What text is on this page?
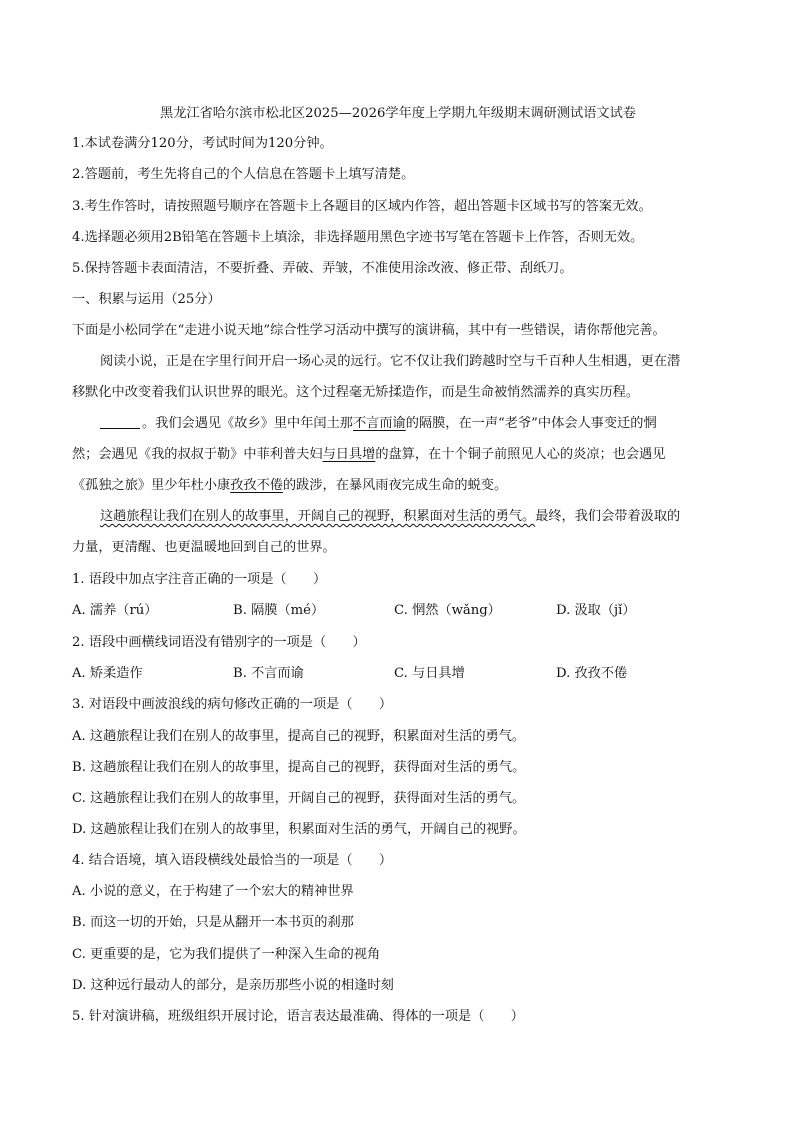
黑龙江省哈尔滨市松北区2025—2026学年度上学期九年级期末调研测试语文试卷
1.本试卷满分120分，考试时间为120分钟。
2.答题前，考生先将自己的个人信息在答题卡上填写清楚。
3.考生作答时，请按照题号顺序在答题卡上各题目的区域内作答，超出答题卡区域书写的答案无效。
4.选择题必须用2B铅笔在答题卡上填涂，非选择题用黑色字迹书写笔在答题卡上作答，否则无效。
5.保持答题卡表面清洁，不要折叠、弄破、弄皱，不准使用涂改液、修正带、刮纸刀。
一、积累与运用（25分）
下面是小松同学在“走进小说天地”综合性学习活动中撰写的演讲稿，其中有一些错误，请你帮他完善。
阅读小说，正是在字里行间开启一场心灵的远行。它不仅让我们跨越时空与千百种人生相遇，更在潜
移默化中改变着我们认识世界的眼光。这个过程毫无矫揉造作，而是生命被悄然濡养的真实历程。
。我们会遇见《故乡》里中年闰土那不言而谕的隔膜，在一声“老爷”中体会人事变迁的惘
然；会遇见《我的叔叔于勒》中菲利普夫妇与日具增的盘算，在十个铜子前照见人心的炎凉；也会遇见
《孤独之旅》里少年杜小康孜孜不倦的跋涉，在暴风雨夜完成生命的蜕变。
这趟旅程让我们在别人的故事里，开阔自己的视野，积累面对生活的勇气。最终，我们会带着汲取的
力量，更清醒、也更温暖地回到自己的世界。
1. 语段中加点字注音正确的一项是（　　）
A. 濡养（rú）	B. 隔膜（mé）	C. 惘然（wǎng）	D. 汲取（jǐ）
2. 语段中画横线词语没有错别字的一项是（　　）
A. 矫柔造作	B. 不言而谕	C. 与日具增	D. 孜孜不倦
3. 对语段中画波浪线的病句修改正确的一项是（　　）
A. 这趟旅程让我们在别人的故事里，提高自己的视野，积累面对生活的勇气。
B. 这趟旅程让我们在别人的故事里，提高自己的视野，获得面对生活的勇气。
C. 这趟旅程让我们在别人的故事里，开阔自己的视野，获得面对生活的勇气。
D. 这趟旅程让我们在别人的故事里，积累面对生活的勇气，开阔自己的视野。
4. 结合语境，填入语段横线处最恰当的一项是（　　）
A. 小说的意义，在于构建了一个宏大的精神世界
B. 而这一切的开始，只是从翻开一本书页的刹那
C. 更重要的是，它为我们提供了一种深入生命的视角
D. 这种远行最动人的部分，是亲历那些小说的相逢时刻
5. 针对演讲稿，班级组织开展讨论，语言表达最准确、得体的一项是（　　）
